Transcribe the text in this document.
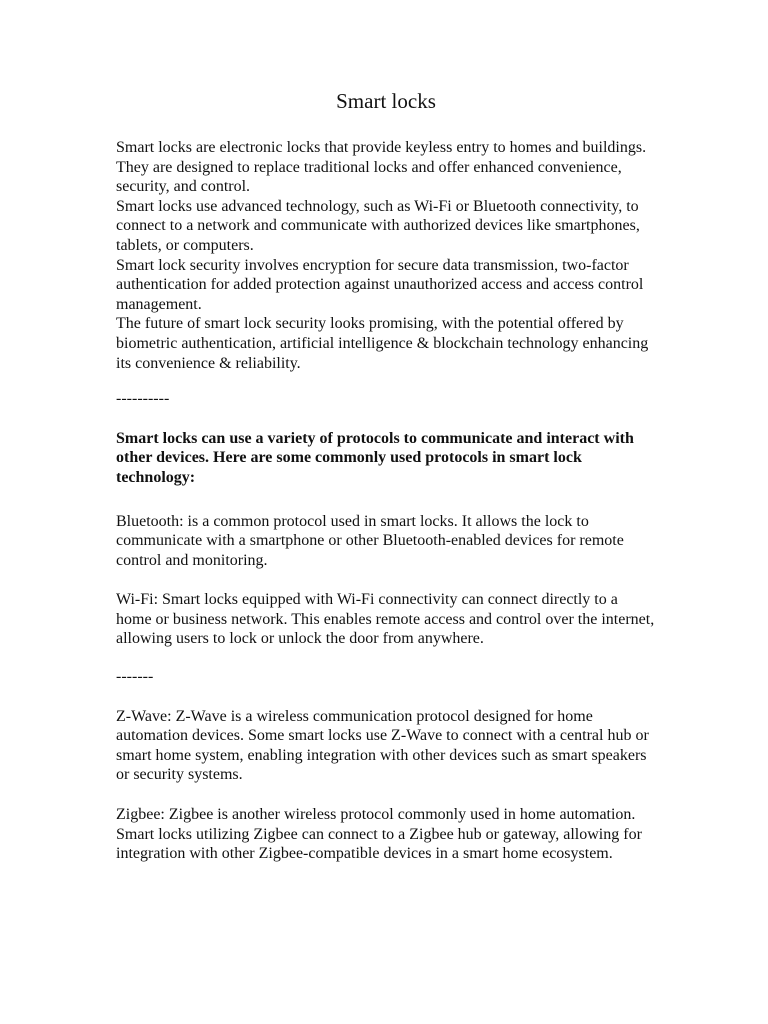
Smart locks

Smart locks are electronic locks that provide keyless entry to homes and buildings. They are designed to replace traditional locks and offer enhanced convenience, security, and control.

Smart locks use advanced technology, such as Wi-Fi or Bluetooth connectivity, to connect to a network and communicate with authorized devices like smartphones, tablets, or computers.

Smart lock security involves encryption for secure data transmission, two-factor authentication for added protection against unauthorized access and access control management.

The future of smart lock security looks promising, with the potential offered by biometric authentication, artificial intelligence & blockchain technology enhancing its convenience & reliability.

----------

Smart locks can use a variety of protocols to communicate and interact with other devices. Here are some commonly used protocols in smart lock technology:

Bluetooth: is a common protocol used in smart locks. It allows the lock to communicate with a smartphone or other Bluetooth-enabled devices for remote control and monitoring.

Wi-Fi: Smart locks equipped with Wi-Fi connectivity can connect directly to a home or business network. This enables remote access and control over the internet, allowing users to lock or unlock the door from anywhere.

-------

Z-Wave: Z-Wave is a wireless communication protocol designed for home automation devices. Some smart locks use Z-Wave to connect with a central hub or smart home system, enabling integration with other devices such as smart speakers or security systems.

Zigbee: Zigbee is another wireless protocol commonly used in home automation. Smart locks utilizing Zigbee can connect to a Zigbee hub or gateway, allowing for integration with other Zigbee-compatible devices in a smart home ecosystem.
